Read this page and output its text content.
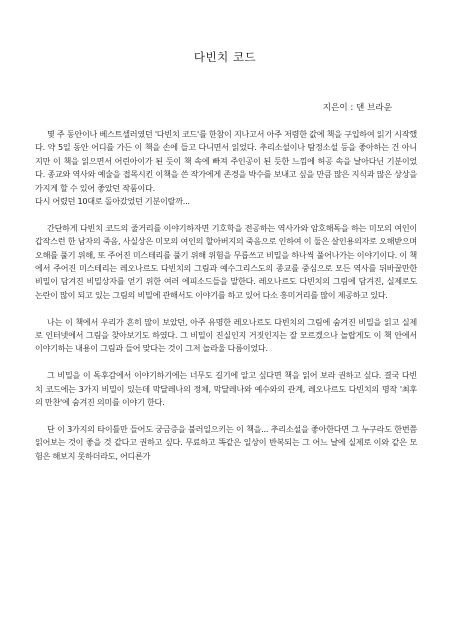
다빈치 코드
지은이 : 댄 브라운

몇 주 동안이나 베스트셀러였던 '다빈치 코드'를 한참이 지나고서 아주 저렴한 값에 책을 구입하여 읽기 시작했다. 약 5일 동안 어디를 가든 이 책을 손에 들고 다니면서 읽었다. 추리소설이나 탐정소설 등을 좋아하는 건 아니지만 이 책을 읽으면서 어린아이가 된 듯이 책 속에 빠져 주인공이 된 듯한 느낌에 허공 속을 날아다닌 기분이었다. 종교와 역사와 예술을 접목시킨 이책을 쓴 작가에게 존경을 박수를 보내고 싶을 만큼 많은 지식과 많은 상상을 가지게 할 수 있어 좋았던 작품이다.

다시 어렸던 10대로 돌아갔었던 기분이랄까...

간단하게 다빈치 코드의 줄거리를 이야기하자면 기호학을 전공하는 역사가와 암호해독을 하는 미모의 여인이 갑작스런 한 남자의 죽음, 사실상은 미모의 여인의 할아버지의 죽음으로 인하여 이 둘은 살인용의자로 오해받으며 오해를 풀기 위해, 또 주어진 미스테리를 풀기 위해 위험을 무릅쓰고 비밀을 하나씩 풀어나가는 이야기이다. 이 책에서 주어진 미스테리는 레오나르도 다빈치의 그림과 예수그리스도의 종교를 중심으로 모든 역사를 뒤바꿀만한 비밀이 담겨진 비밀상자를 얻기 위한 여러 에피소드들을 말한다. 레오나르도 다빈치의 그림에 담겨진, 실제로도 논란이 많이 되고 있는 그림의 비밀에 관해서도 이야기를 하고 있어 다소 흥미거리를 많이 제공하고 있다.

나는 이 책에서 우리가 흔히 많이 보았던, 아주 유명한 레오나르도 다빈치의 그림에 숨겨진 비밀을 읽고 실제로 인터넷에서 그림을 찾아보기도 하였다. 그 비밀이 진실인지 거짓인지는 잘 모르겠으나 놀랍게도 이 책 안에서 이야기하는 내용이 그림과 들어 맞다는 것이 그저 놀라울 다름이었다.

그 비밀을 이 독후감에서 이야기하기에는 너무도 길기에 알고 싶다면 책을 읽어 보라 권하고 싶다. 결국 다빈치 코드에는 3가지 비밀이 있는데 막달레나의 정체, 막달레나와 예수와의 관계, 레오나르도 다빈치의 명작 '최후의 만찬'에 숨겨진 의미를 이야기 한다.

단 이 3가지의 타이틀만 들어도 궁금증을 불러일으키는 이 책을... 추리소설을 좋아한다면 그 누구라도 한번쯤 읽어보는 것이 좋을 것 같다고 권하고 싶다. 무료하고 똑같은 일상이 반복되는 그 어느 날에 실제로 이와 같은 모험은 해보지 못하더라도, 어디론가
